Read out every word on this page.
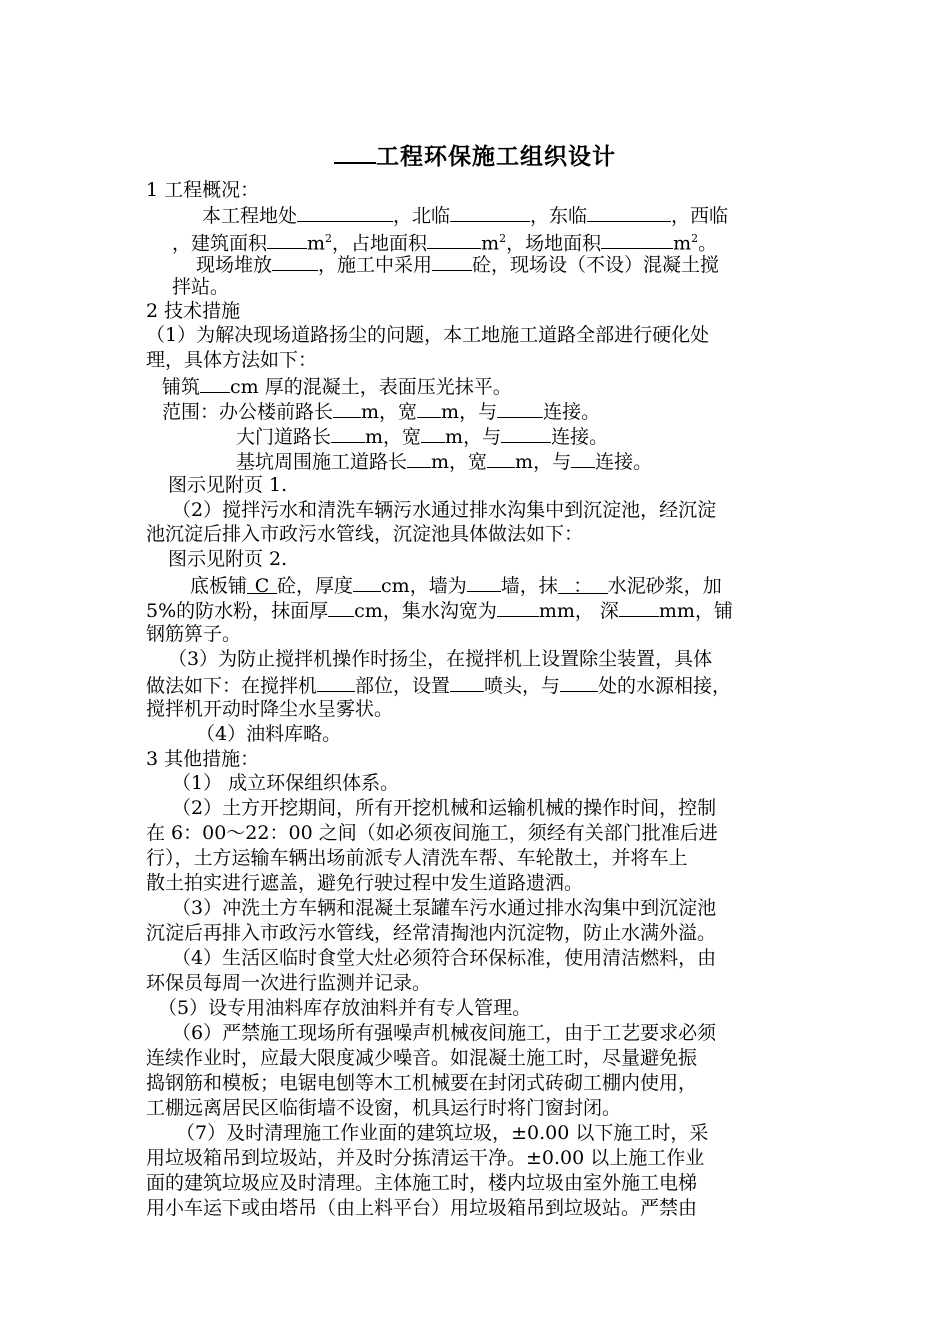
工程环保施工组织设计
1 工程概况：
本工程地处	，北临	，东临	，西临
，建筑面积 $m^2$，占地面积	$m^2$，场地面积	$m^2$。
现场堆放 ，施工中采用 砼，现场设（不设）混凝土搅
拌站。
2 技术措施
（1）为解决现场道路扬尘的问题，本工地施工道路全部进行硬化处
理，具体方法如下：
铺筑 cm 厚的混凝土，表面压光抹平。
范围：办公楼前路长 m，宽 m，与 连接。
大门道路长 m，宽 m，与	连接。
基坑周围施工道路长 m，宽 m，与 连接。
图示见附页 1.
（2）搅拌污水和清洗车辆污水通过排水沟集中到沉淀池，经沉淀
池沉淀后排入市政污水管线，沉淀池具体做法如下：
图示见附页 2.
底板铺 C 砼，厚度 cm，墙为 墙，抹 ： 水泥砂浆，加
5%的防水粉，抹面厚 cm，集水沟宽为 mm， 深 mm，铺
钢筋箅子。
（3）为防止搅拌机操作时扬尘，在搅拌机上设置除尘装置，具体
做法如下：在搅拌机 部位，设置 喷头，与 处的水源相接，
搅拌机开动时降尘水呈雾状。
（4）油料库略。
3 其他措施：
（1） 成立环保组织体系。
（2）土方开挖期间，所有开挖机械和运输机械的操作时间，控制
在 6：00～22：00 之间（如必须夜间施工，须经有关部门批准后进
行），土方运输车辆出场前派专人清洗车帮、车轮散土，并将车上
散土拍实进行遮盖，避免行驶过程中发生道路遗洒。
（3）冲洗土方车辆和混凝土泵罐车污水通过排水沟集中到沉淀池
沉淀后再排入市政污水管线，经常清掏池内沉淀物，防止水满外溢。
（4）生活区临时食堂大灶必须符合环保标准，使用清洁燃料，由
环保员每周一次进行监测并记录。
（5）设专用油料库存放油料并有专人管理。
（6）严禁施工现场所有强噪声机械夜间施工，由于工艺要求必须
连续作业时，应最大限度减少噪音。如混凝土施工时，尽量避免振
捣钢筋和模板；电锯电刨等木工机械要在封闭式砖砌工棚内使用，
工棚远离居民区临街墙不设窗，机具运行时将门窗封闭。
（7）及时清理施工作业面的建筑垃圾，±0.00 以下施工时，采
用垃圾箱吊到垃圾站，并及时分拣清运干净。±0.00 以上施工作业
面的建筑垃圾应及时清理。主体施工时，楼内垃圾由室外施工电梯
用小车运下或由塔吊（由上料平台）用垃圾箱吊到垃圾站。严禁由
